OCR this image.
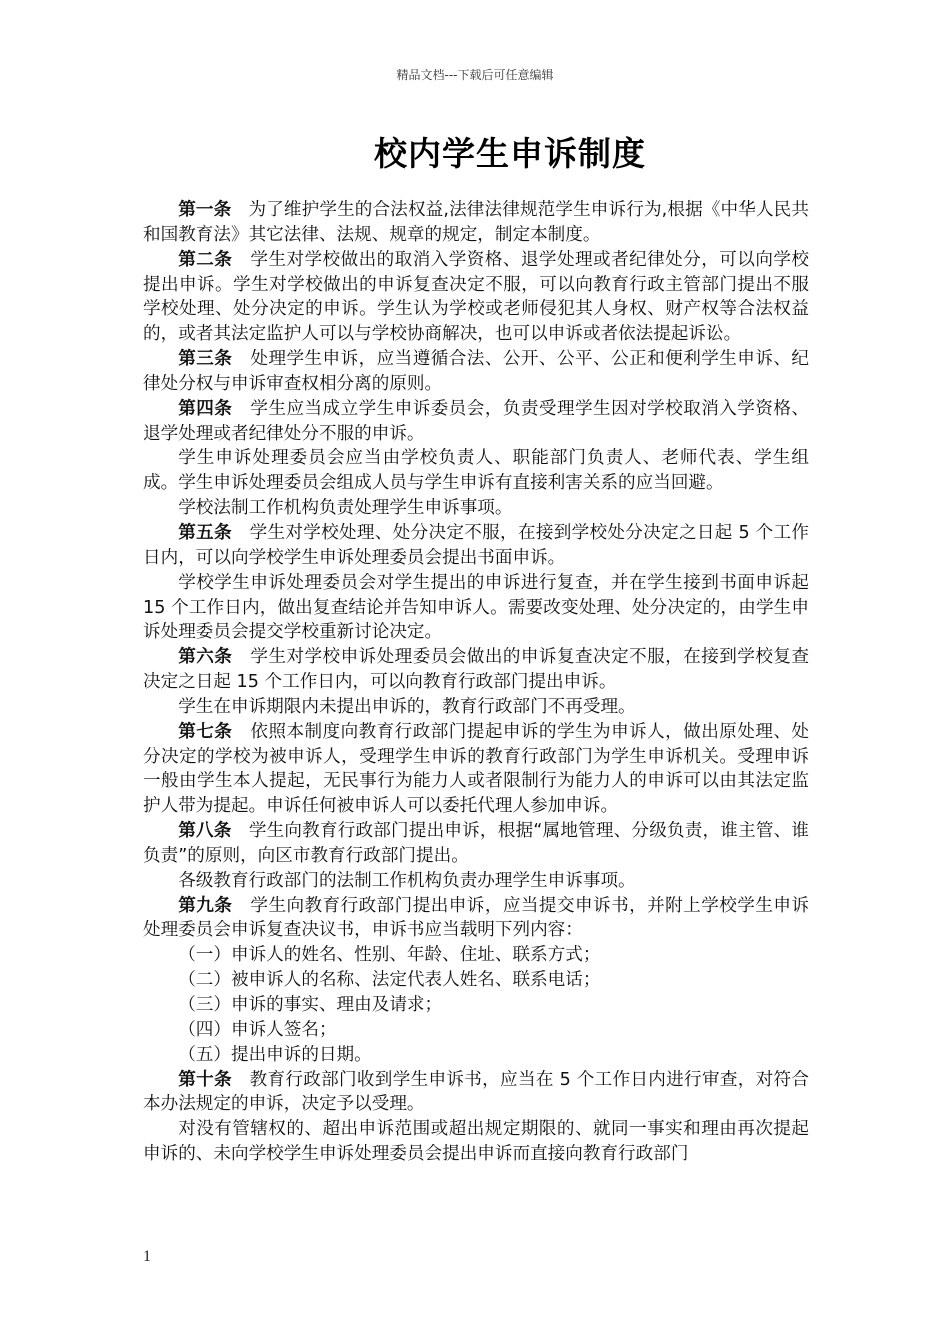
精品文档---下载后可任意编辑
校内学生申诉制度

第一条 为了维护学生的合法权益,法律法律规范学生申诉行为,根据《中华人民共和国教育法》其它法律、法规、规章的规定，制定本制度。

第二条 学生对学校做出的取消入学资格、退学处理或者纪律处分，可以向学校提出申诉。学生对学校做出的申诉复查决定不服，可以向教育行政主管部门提出不服学校处理、处分决定的申诉。学生认为学校或老师侵犯其人身权、财产权等合法权益的，或者其法定监护人可以与学校协商解决，也可以申诉或者依法提起诉讼。

第三条 处理学生申诉，应当遵循合法、公开、公平、公正和便利学生申诉、纪律处分权与申诉审查权相分离的原则。

第四条 学生应当成立学生申诉委员会，负责受理学生因对学校取消入学资格、退学处理或者纪律处分不服的申诉。

学生申诉处理委员会应当由学校负责人、职能部门负责人、老师代表、学生组成。学生申诉处理委员会组成人员与学生申诉有直接利害关系的应当回避。

学校法制工作机构负责处理学生申诉事项。

第五条 学生对学校处理、处分决定不服，在接到学校处分决定之日起 5 个工作日内，可以向学校学生申诉处理委员会提出书面申诉。

学校学生申诉处理委员会对学生提出的申诉进行复查，并在学生接到书面申诉起 15 个工作日内，做出复查结论并告知申诉人。需要改变处理、处分决定的，由学生申诉处理委员会提交学校重新讨论决定。

第六条 学生对学校申诉处理委员会做出的申诉复查决定不服，在接到学校复查决定之日起 15 个工作日内，可以向教育行政部门提出申诉。

学生在申诉期限内未提出申诉的，教育行政部门不再受理。

第七条 依照本制度向教育行政部门提起申诉的学生为申诉人，做出原处理、处分决定的学校为被申诉人，受理学生申诉的教育行政部门为学生申诉机关。受理申诉一般由学生本人提起，无民事行为能力人或者限制行为能力人的申诉可以由其法定监护人带为提起。申诉任何被申诉人可以委托代理人参加申诉。

第八条 学生向教育行政部门提出申诉，根据“属地管理、分级负责，谁主管、谁负责”的原则，向区市教育行政部门提出。

各级教育行政部门的法制工作机构负责办理学生申诉事项。

第九条 学生向教育行政部门提出申诉，应当提交申诉书，并附上学校学生申诉处理委员会申诉复查决议书，申诉书应当载明下列内容：

（一）申诉人的姓名、性别、年龄、住址、联系方式；

（二）被申诉人的名称、法定代表人姓名、联系电话；

（三）申诉的事实、理由及请求；

（四）申诉人签名；

（五）提出申诉的日期。

第十条 教育行政部门收到学生申诉书，应当在 5 个工作日内进行审查，对符合本办法规定的申诉，决定予以受理。

对没有管辖权的、超出申诉范围或超出规定期限的、就同一事实和理由再次提起申诉的、未向学校学生申诉处理委员会提出申诉而直接向教育行政部门

1
